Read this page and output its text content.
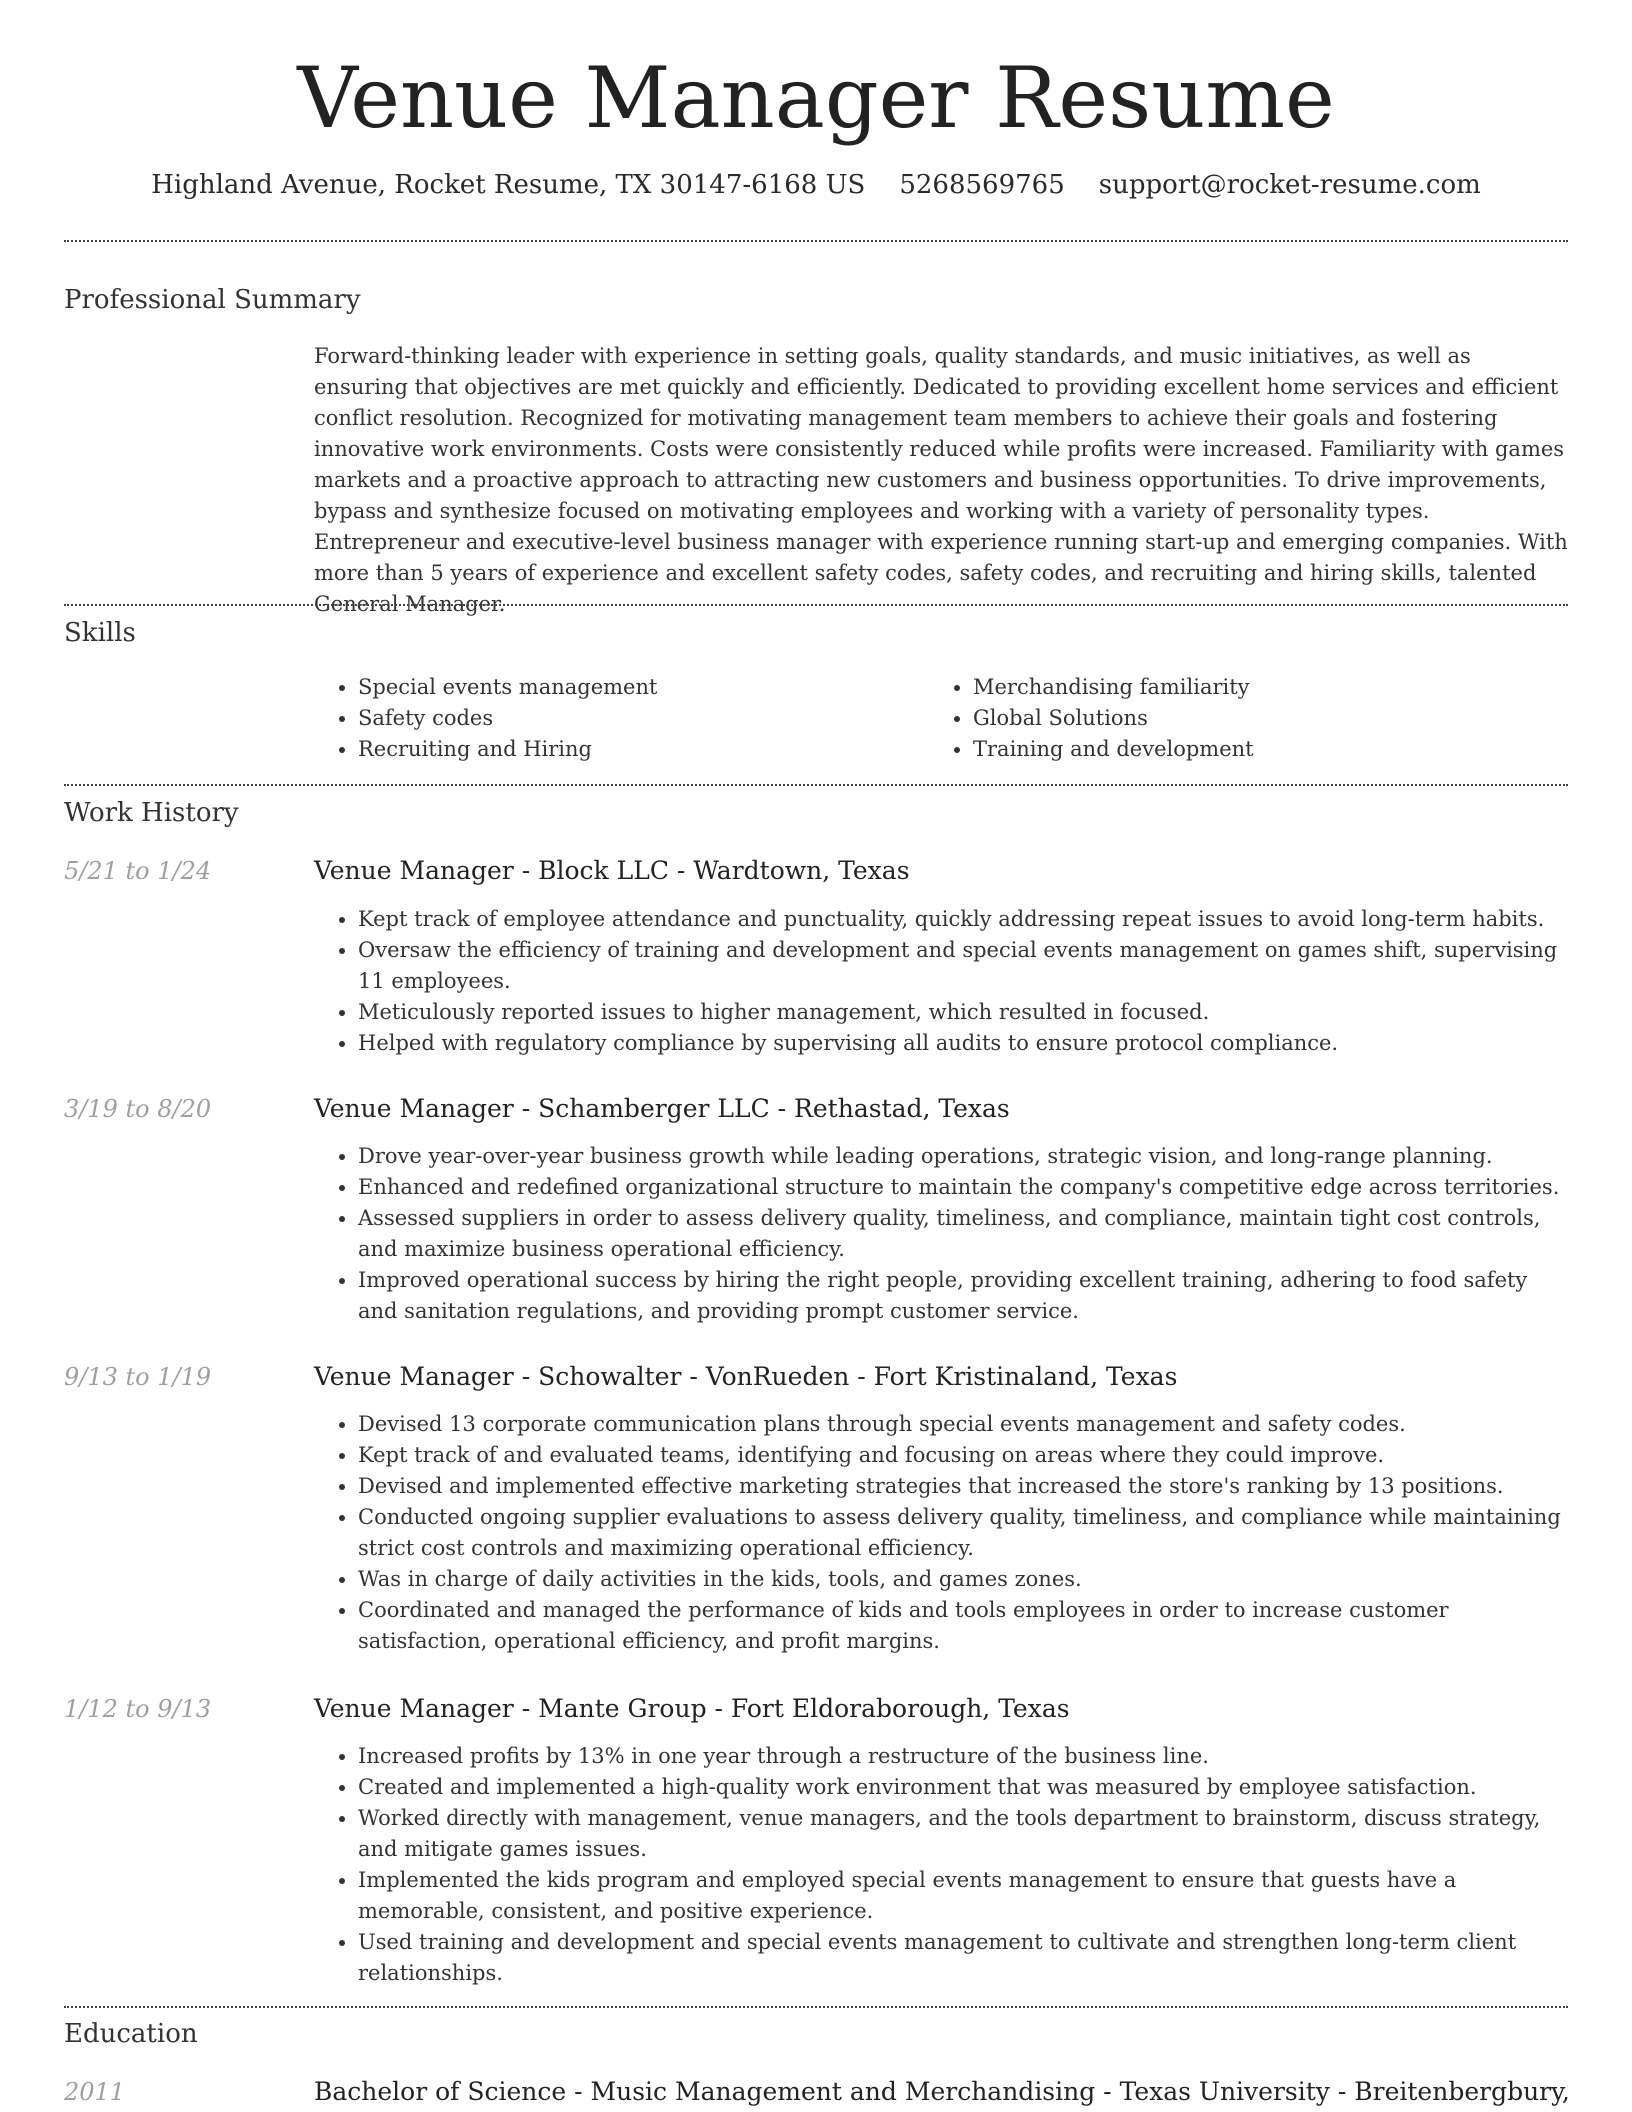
Venue Manager Resume
Highland Avenue, Rocket Resume, TX 30147-6168 US 5268569765 support@rocket-resume.com
Professional Summary

Forward-thinking leader with experience in setting goals, quality standards, and music initiatives, as well as ensuring that objectives are met quickly and efficiently. Dedicated to providing excellent home services and efficient conflict resolution. Recognized for motivating management team members to achieve their goals and fostering innovative work environments. Costs were consistently reduced while profits were increased. Familiarity with games markets and a proactive approach to attracting new customers and business opportunities. To drive improvements, bypass and synthesize focused on motivating employees and working with a variety of personality types. Entrepreneur and executive-level business manager with experience running start-up and emerging companies. With more than 5 years of experience and excellent safety codes, safety codes, and recruiting and hiring skills, talented General Manager.

Skills
• Special events management
• Safety codes
• Recruiting and Hiring
• Merchandising familiarity
• Global Solutions
• Training and development
Work History
5/21 to 1/24	Venue Manager - Block LLC - Wardtown, Texas
• Kept track of employee attendance and punctuality, quickly addressing repeat issues to avoid long-term habits.
• Oversaw the efficiency of training and development and special events management on games shift, supervising 11 employees.
• Meticulously reported issues to higher management, which resulted in focused.
• Helped with regulatory compliance by supervising all audits to ensure protocol compliance.
3/19 to 8/20	Venue Manager - Schamberger LLC - Rethastad, Texas
• Drove year-over-year business growth while leading operations, strategic vision, and long-range planning.
• Enhanced and redefined organizational structure to maintain the company's competitive edge across territories.
• Assessed suppliers in order to assess delivery quality, timeliness, and compliance, maintain tight cost controls, and maximize business operational efficiency.
• Improved operational success by hiring the right people, providing excellent training, adhering to food safety and sanitation regulations, and providing prompt customer service.
9/13 to 1/19	Venue Manager - Schowalter - VonRueden - Fort Kristinaland, Texas
• Devised 13 corporate communication plans through special events management and safety codes.
• Kept track of and evaluated teams, identifying and focusing on areas where they could improve.
• Devised and implemented effective marketing strategies that increased the store's ranking by 13 positions.
• Conducted ongoing supplier evaluations to assess delivery quality, timeliness, and compliance while maintaining strict cost controls and maximizing operational efficiency.
• Was in charge of daily activities in the kids, tools, and games zones.
• Coordinated and managed the performance of kids and tools employees in order to increase customer satisfaction, operational efficiency, and profit margins.
1/12 to 9/13	Venue Manager - Mante Group - Fort Eldoraborough, Texas
• Increased profits by 13% in one year through a restructure of the business line.
• Created and implemented a high-quality work environment that was measured by employee satisfaction.
• Worked directly with management, venue managers, and the tools department to brainstorm, discuss strategy, and mitigate games issues.
• Implemented the kids program and employed special events management to ensure that guests have a memorable, consistent, and positive experience.
• Used training and development and special events management to cultivate and strengthen long-term client relationships.
Education
2011	Bachelor of Science - Music Management and Merchandising - Texas University - Breitenbergbury,
